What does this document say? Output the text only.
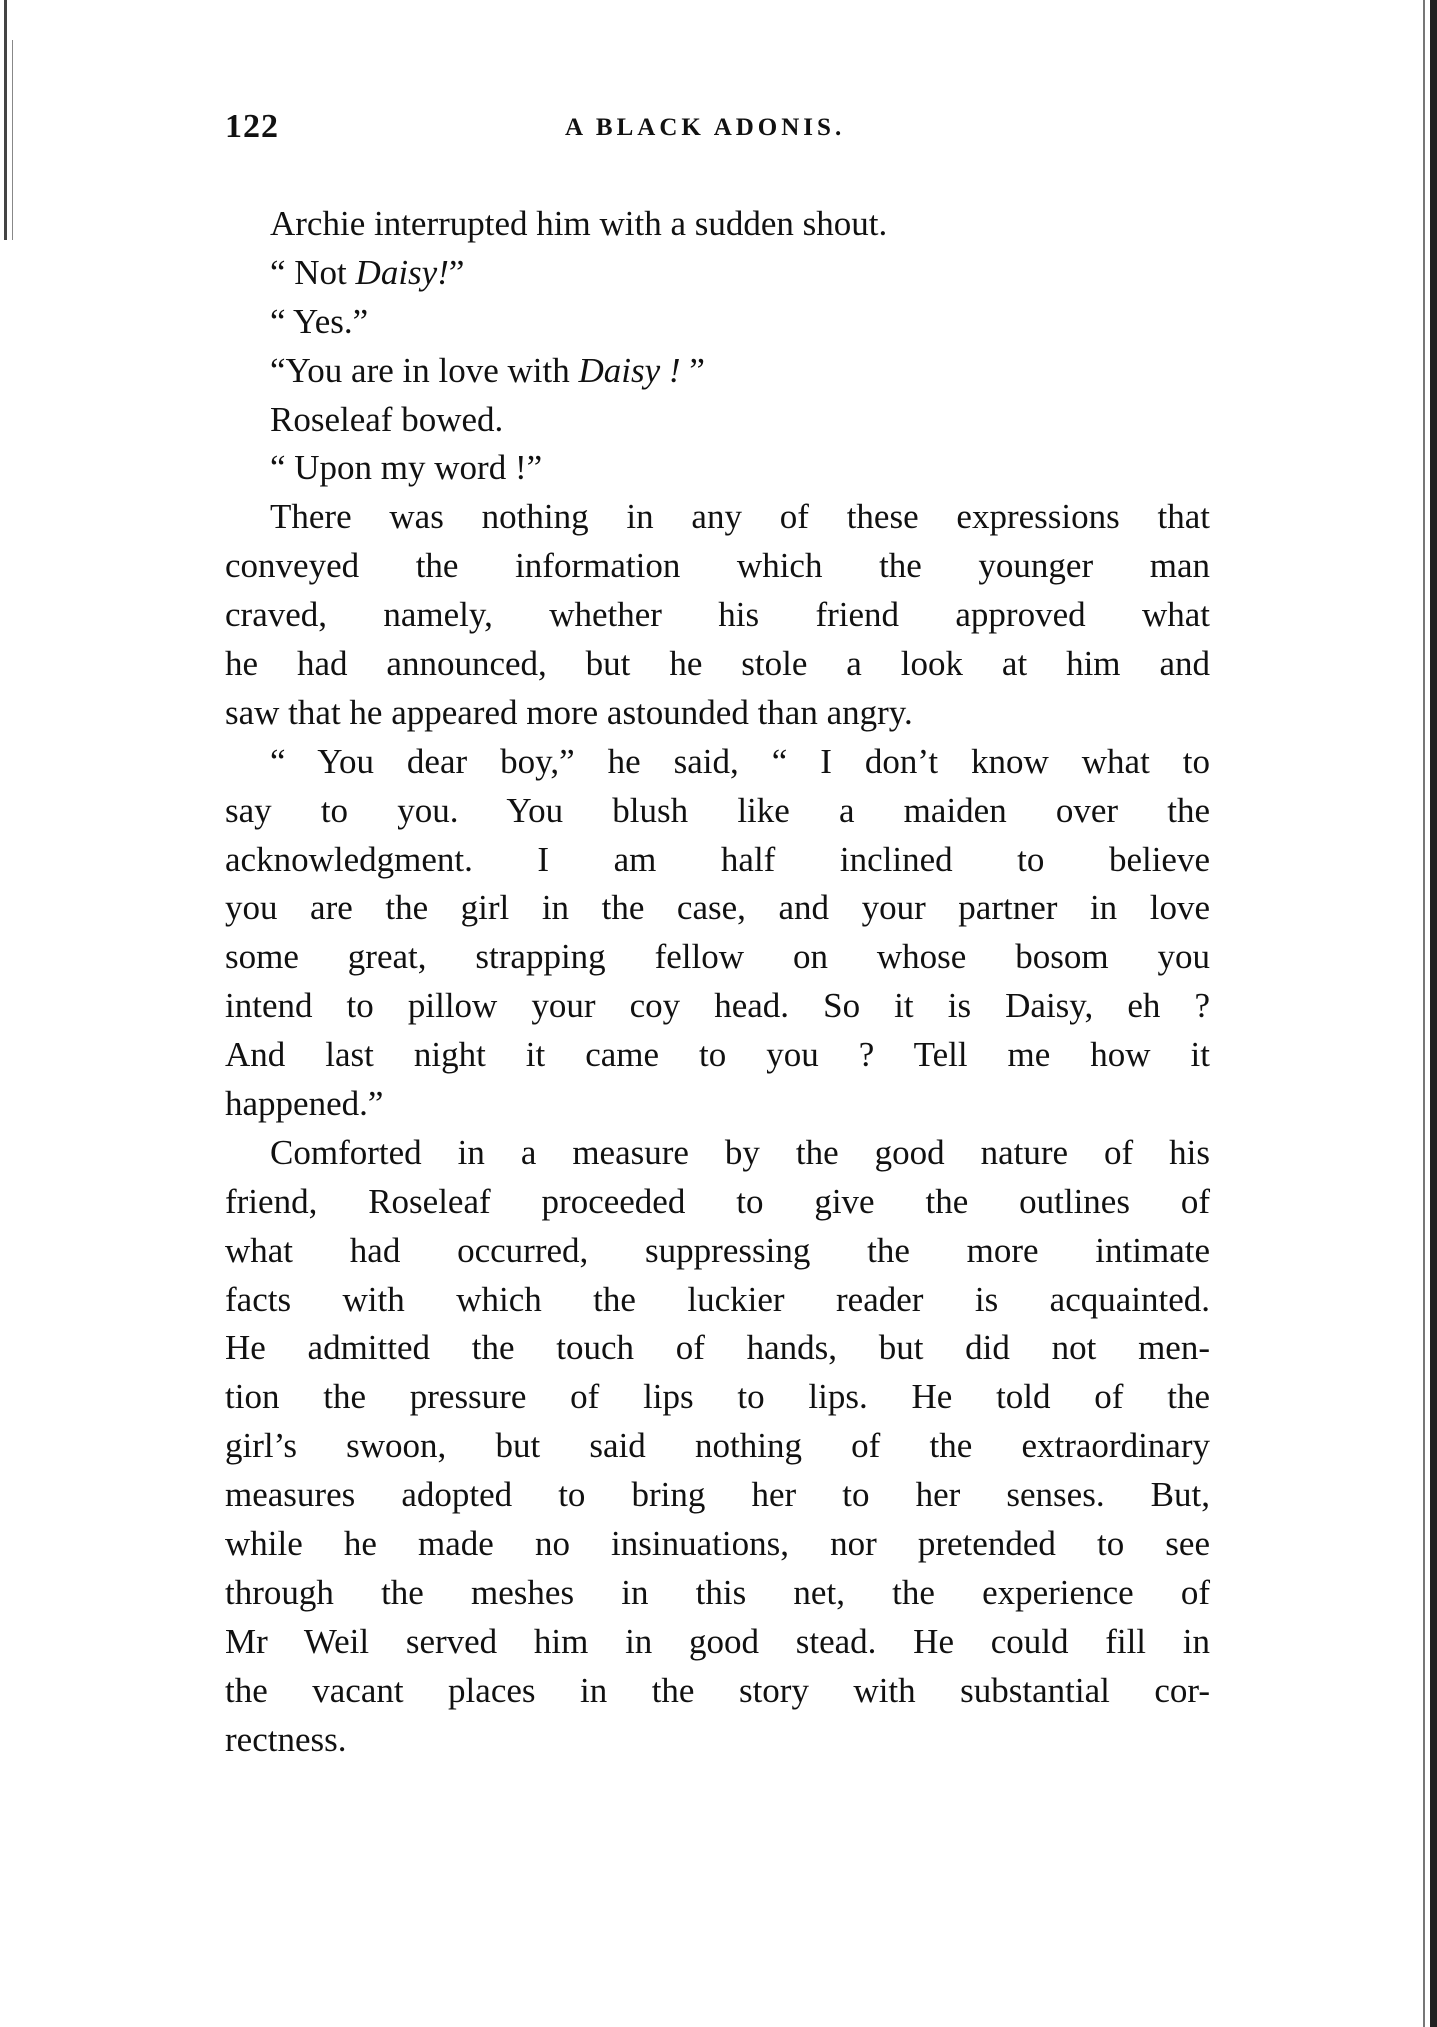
122	A BLACK ADONIS.
Archie interrupted him with a sudden shout.
“ Not Daisy!”
“ Yes.”
“You are in love with Daisy ! ”
Roseleaf bowed.
“ Upon my word !”
There was nothing in any of these expressions that
conveyed the information which the younger man
craved, namely, whether his friend approved what
he had announced, but he stole a look at him and
saw that he appeared more astounded than angry.
“ You dear boy,” he said, “ I don’t know what to
say to you. You blush like a maiden over the
acknowledgment. I am half inclined to believe
you are the girl in the case, and your partner in love
some great, strapping fellow on whose bosom you
intend to pillow your coy head. So it is Daisy, eh ?
And last night it came to you ? Tell me how it
happened.”
Comforted in a measure by the good nature of his
friend, Roseleaf proceeded to give the outlines of
what had occurred, suppressing the more intimate
facts with which the luckier reader is acquainted.
He admitted the touch of hands, but did not men-
tion the pressure of lips to lips. He told of the
girl’s swoon, but said nothing of the extraordinary
measures adopted to bring her to her senses. But,
while he made no insinuations, nor pretended to see
through the meshes in this net, the experience of
Mr Weil served him in good stead. He could fill in
the vacant places in the story with substantial cor-
rectness.
